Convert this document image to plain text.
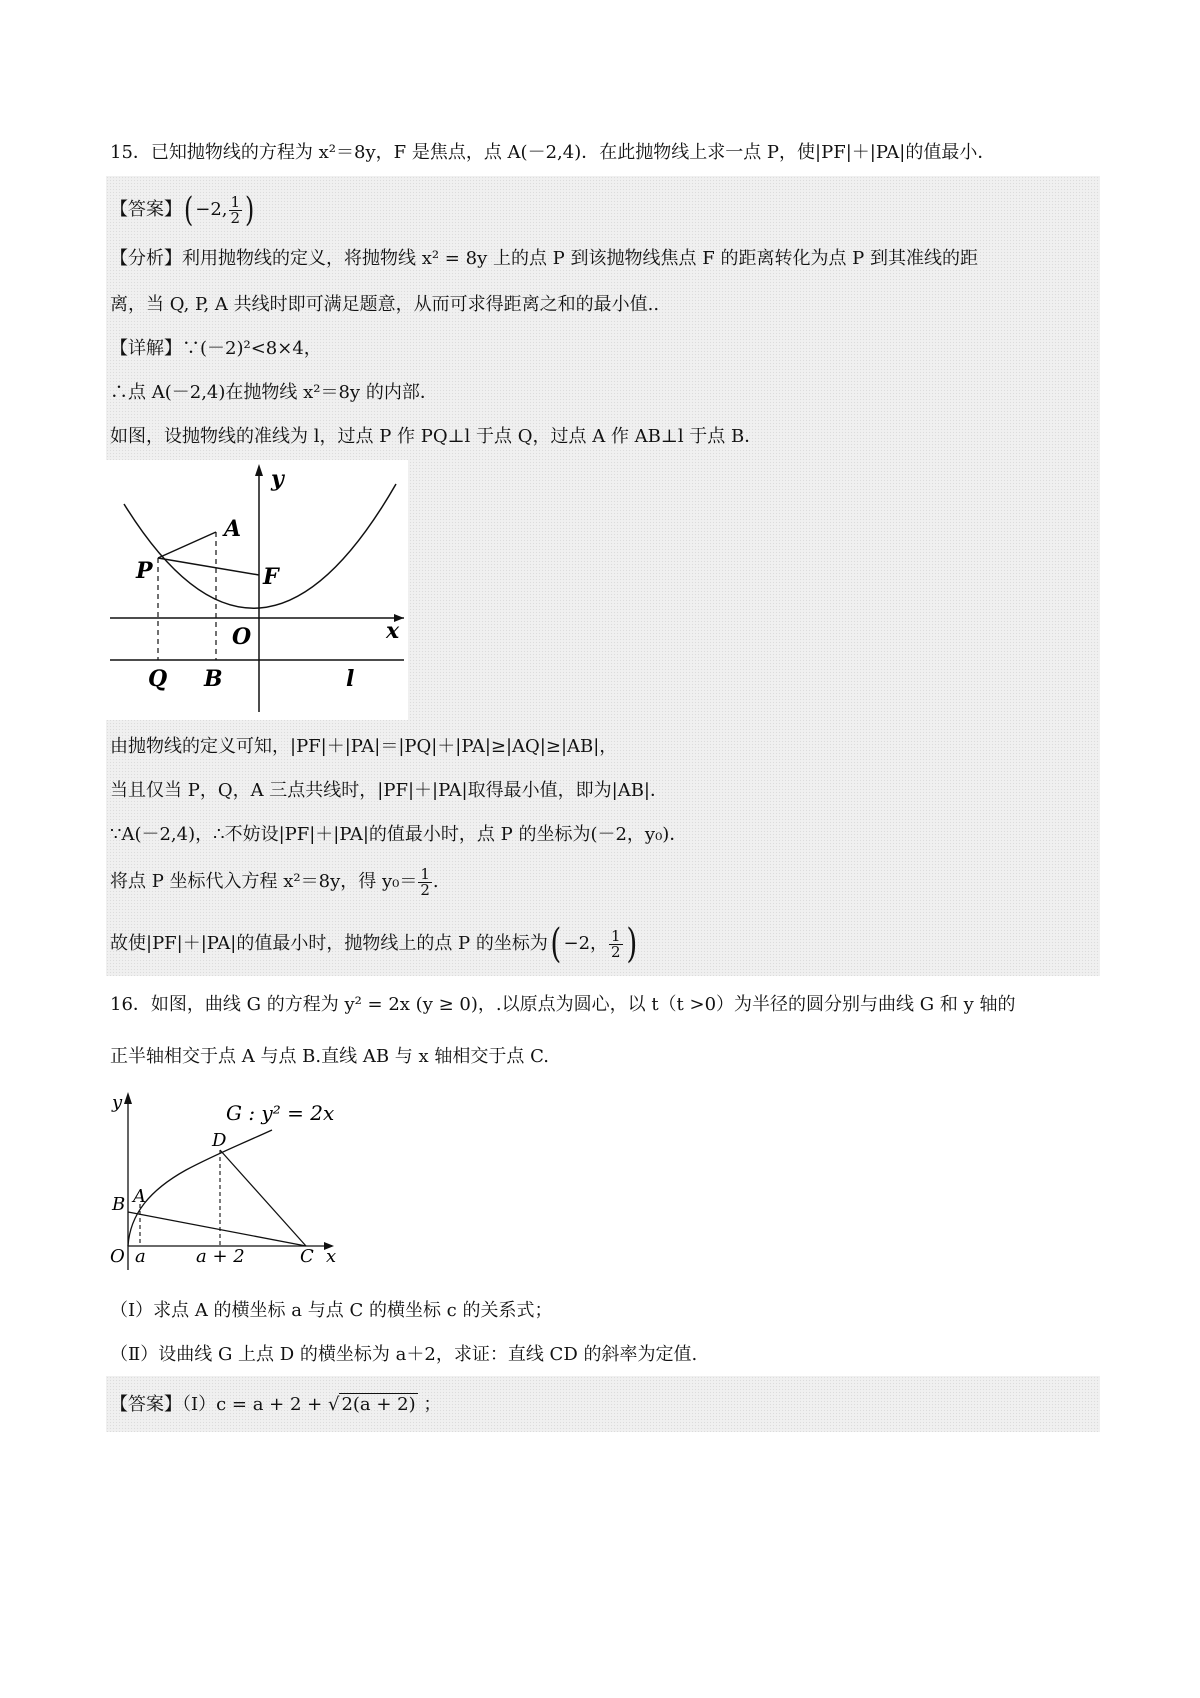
15．已知抛物线的方程为 x²＝8y，F 是焦点，点 A(－2,4)．在此抛物线上求一点 P，使|PF|＋|PA|的值最小．
【答案】( −2, $\frac{1}{2}$ )
【分析】利用抛物线的定义，将抛物线 x² = 8y 上的点 P 到该抛物线焦点 F 的距离转化为点 P 到其准线的距
离，当 Q, P, A 共线时即可满足题意，从而可求得距离之和的最小值..
【详解】∵(－2)²<8×4，
∴点 A(－2,4)在抛物线 x²＝8y 的内部．
如图，设抛物线的准线为 l，过点 P 作 PQ⊥l 于点 Q，过点 A 作 AB⊥l 于点 B．
y
A
P	F
O	x
Q B	l
由抛物线的定义可知，|PF|＋|PA|＝|PQ|＋|PA|≥|AQ|≥|AB|，
当且仅当 P，Q，A 三点共线时，|PF|＋|PA|取得最小值，即为|AB|．
∵A(－2,4)，∴不妨设|PF|＋|PA|的值最小时，点 P 的坐标为(－2，y₀)．
将点 P 坐标代入方程 x²＝8y，得 $y_0= \frac{1}{2}$ .
故使|PF|＋|PA|的值最小时，抛物线上的点 P 的坐标为( −2， $\frac{1}{2}$ )
16．如图，曲线 G 的方程为 y² = 2x (y ≥ 0)，.以原点为圆心，以 t（t >0）为半径的圆分别与曲线 G 和 y 轴的
正半轴相交于点 A 与点 B.直线 AB 与 x 轴相交于点 C.
y	G : y² = 2x
D
B A
O a	a + 2	C x
（Ⅰ）求点 A 的横坐标 a 与点 C 的横坐标 c 的关系式；
（Ⅱ）设曲线 G 上点 D 的横坐标为 a＋2，求证：直线 CD 的斜率为定值.
【答案】（Ⅰ）c = a + 2 + √ 2(a + 2) ；
